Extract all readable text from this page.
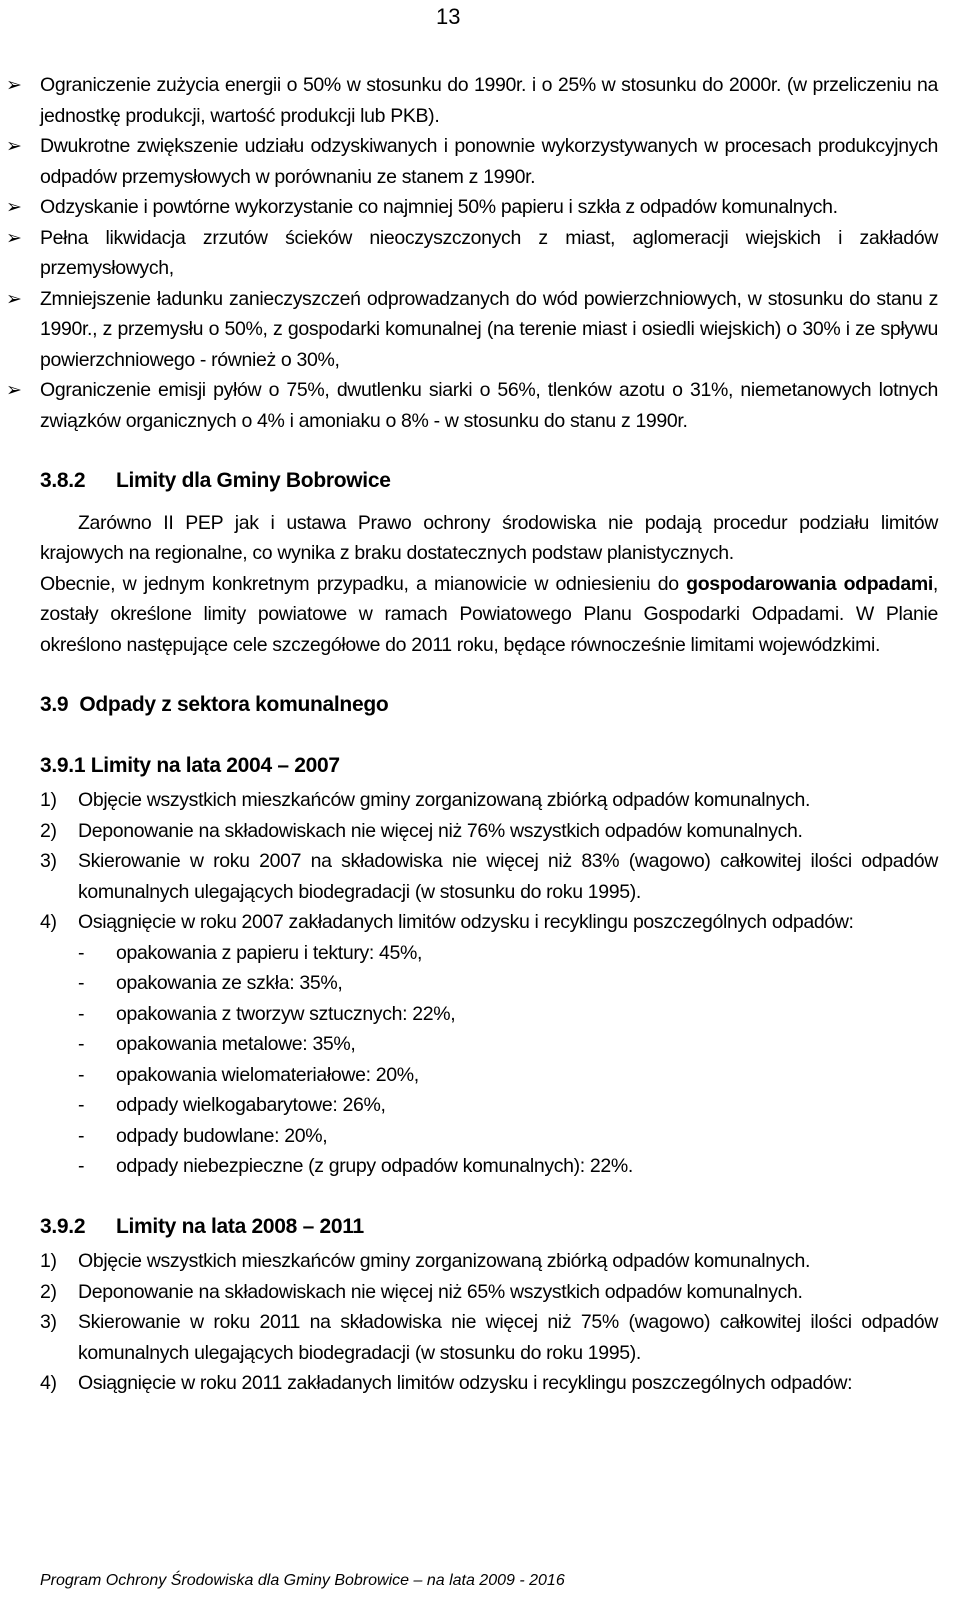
13
➢ Ograniczenie zużycia energii o 50% w stosunku do 1990r. i o 25% w stosunku do 2000r. (w przeliczeniu na jednostkę produkcji, wartość produkcji lub PKB).
➢ Dwukrotne zwiększenie udziału odzyskiwanych i ponownie wykorzystywanych w procesach produkcyjnych odpadów przemysłowych w porównaniu ze stanem z 1990r.
➢ Odzyskanie i powtórne wykorzystanie co najmniej 50% papieru i szkła z odpadów komunalnych.
➢ Pełna likwidacja zrzutów ścieków nieoczyszczonych z miast, aglomeracji wiejskich i zakładów przemysłowych,
➢ Zmniejszenie ładunku zanieczyszczeń odprowadzanych do wód powierzchniowych, w stosunku do stanu z 1990r., z przemysłu o 50%, z gospodarki komunalnej (na terenie miast i osiedli wiejskich) o 30% i ze spływu powierzchniowego - również o 30%,
➢ Ograniczenie emisji pyłów o 75%, dwutlenku siarki o 56%, tlenków azotu o 31%, niemetanowych lotnych związków organicznych o 4% i amoniaku o 8% - w stosunku do stanu z 1990r.
3.8.2	Limity dla Gminy Bobrowice

Zarówno II PEP jak i ustawa Prawo ochrony środowiska nie podają procedur podziału limitów krajowych na regionalne, co wynika z braku dostatecznych podstaw planistycznych.

Obecnie, w jednym konkretnym przypadku, a mianowicie w odniesieniu do gospodarowania odpadami, zostały określone limity powiatowe w ramach Powiatowego Planu Gospodarki Odpadami. W Planie określono następujące cele szczegółowe do 2011 roku, będące równocześnie limitami wojewódzkimi.

3.9
Odpady z sektora komunalnego
3.9.1
Limity na lata 2004 – 2007
1) Objęcie wszystkich mieszkańców gminy zorganizowaną zbiórką odpadów komunalnych.
2) Deponowanie na składowiskach nie więcej niż 76% wszystkich odpadów komunalnych.
3) Skierowanie w roku 2007 na składowiska nie więcej niż 83% (wagowo) całkowitej ilości odpadów komunalnych ulegających biodegradacji (w stosunku do roku 1995).
4) Osiągnięcie w roku 2007 zakładanych limitów odzysku i recyklingu poszczególnych odpadów:
- opakowania z papieru i tektury: 45%,
- opakowania ze szkła: 35%,
- opakowania z tworzyw sztucznych: 22%,
- opakowania metalowe: 35%,
- opakowania wielomateriałowe: 20%,
- odpady wielkogabarytowe: 26%,
- odpady budowlane: 20%,
- odpady niebezpieczne (z grupy odpadów komunalnych): 22%.
3.9.2	Limity na lata 2008 – 2011
1) Objęcie wszystkich mieszkańców gminy zorganizowaną zbiórką odpadów komunalnych.
2) Deponowanie na składowiskach nie więcej niż 65% wszystkich odpadów komunalnych.
3) Skierowanie w roku 2011 na składowiska nie więcej niż 75% (wagowo) całkowitej ilości odpadów komunalnych ulegających biodegradacji (w stosunku do roku 1995).
4) Osiągnięcie w roku 2011 zakładanych limitów odzysku i recyklingu poszczególnych odpadów:
Program Ochrony Środowiska dla Gminy Bobrowice – na lata 2009 - 2016
